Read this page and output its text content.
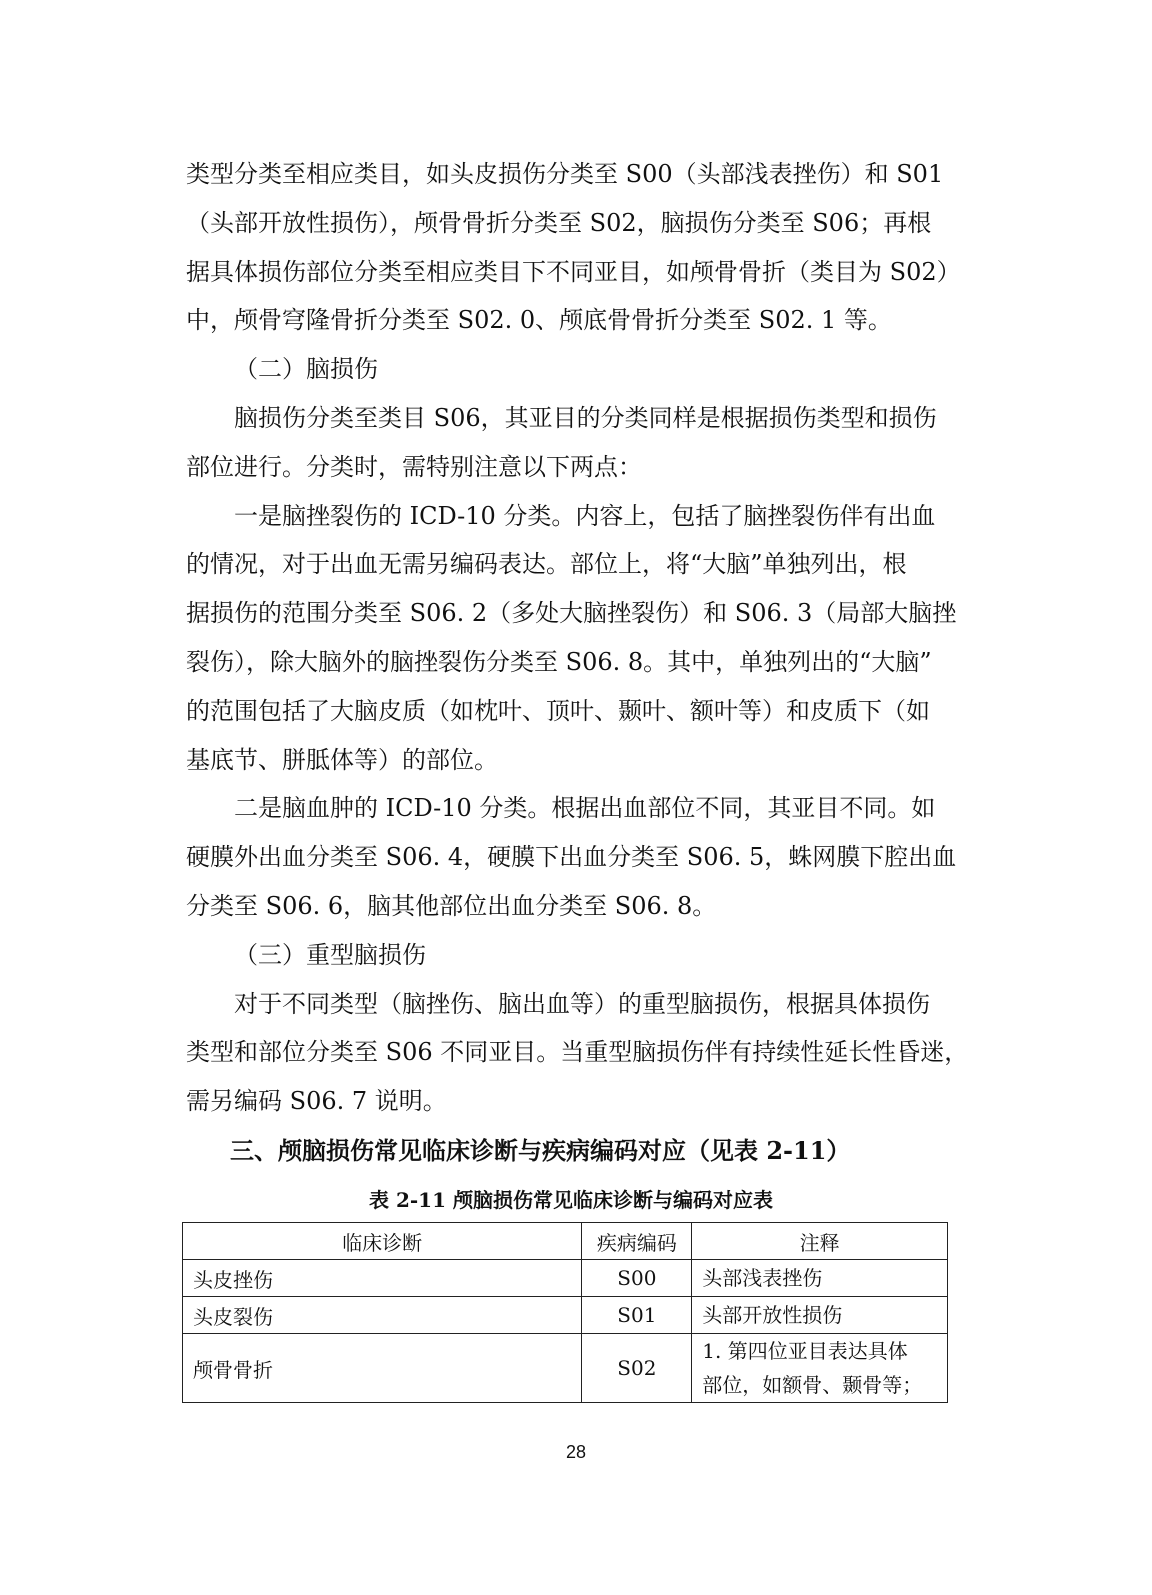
类型分类至相应类目，如头皮损伤分类至 S00（头部浅表挫伤）和 S01
（头部开放性损伤），颅骨骨折分类至 S02，脑损伤分类至 S06；再根
据具体损伤部位分类至相应类目下不同亚目，如颅骨骨折（类目为 S02）
中，颅骨穹隆骨折分类至 S02. 0、颅底骨骨折分类至 S02. 1 等。
（二）脑损伤
脑损伤分类至类目 S06，其亚目的分类同样是根据损伤类型和损伤
部位进行。分类时，需特别注意以下两点：
一是脑挫裂伤的 ICD-10 分类。内容上，包括了脑挫裂伤伴有出血
的情况，对于出血无需另编码表达。部位上，将“大脑”单独列出，根
据损伤的范围分类至 S06. 2（多处大脑挫裂伤）和 S06. 3（局部大脑挫
裂伤），除大脑外的脑挫裂伤分类至 S06. 8。其中，单独列出的“大脑”
的范围包括了大脑皮质（如枕叶、顶叶、颞叶、额叶等）和皮质下（如
基底节、胼胝体等）的部位。
二是脑血肿的 ICD-10 分类。根据出血部位不同，其亚目不同。如
硬膜外出血分类至 S06. 4，硬膜下出血分类至 S06. 5，蛛网膜下腔出血
分类至 S06. 6，脑其他部位出血分类至 S06. 8。
（三）重型脑损伤
对于不同类型（脑挫伤、脑出血等）的重型脑损伤，根据具体损伤
类型和部位分类至 S06 不同亚目。当重型脑损伤伴有持续性延长性昏迷，
需另编码 S06. 7 说明。
三、颅脑损伤常见临床诊断与疾病编码对应（见表 2-11）
表 2-11 颅脑损伤常见临床诊断与编码对应表
临床诊断	疾病编码	注释
头皮挫伤	S00	头部浅表挫伤
头皮裂伤	S01	头部开放性损伤
颅骨骨折	S02	1. 第四位亚目表达具体
部位，如额骨、颞骨等；
28
